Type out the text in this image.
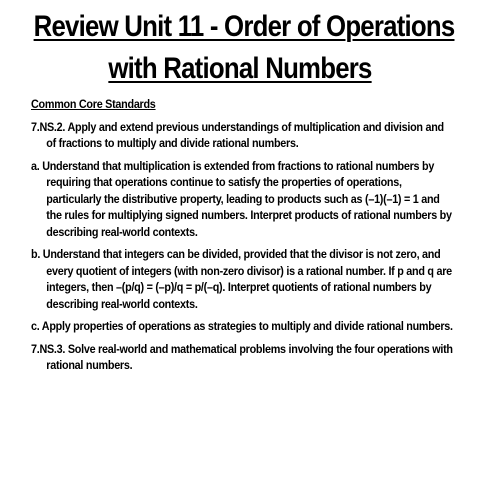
Review Unit 11 - Order of Operations
with Rational Numbers
Common Core Standards
7.NS.2. Apply and extend previous understandings of multiplication and division and of fractions to multiply and divide rational numbers.
a. Understand that multiplication is extended from fractions to rational numbers by requiring that operations continue to satisfy the properties of operations, particularly the distributive property, leading to products such as (–1)(–1) = 1 and the rules for multiplying signed numbers. Interpret products of rational numbers by describing real-world contexts.
b. Understand that integers can be divided, provided that the divisor is not zero, and every quotient of integers (with non-zero divisor) is a rational number. If p and q are integers, then –(p/q) = (–p)/q = p/(–q). Interpret quotients of rational numbers by describing real-world contexts.
c. Apply properties of operations as strategies to multiply and divide rational numbers.
7.NS.3. Solve real-world and mathematical problems involving the four operations with rational numbers.
